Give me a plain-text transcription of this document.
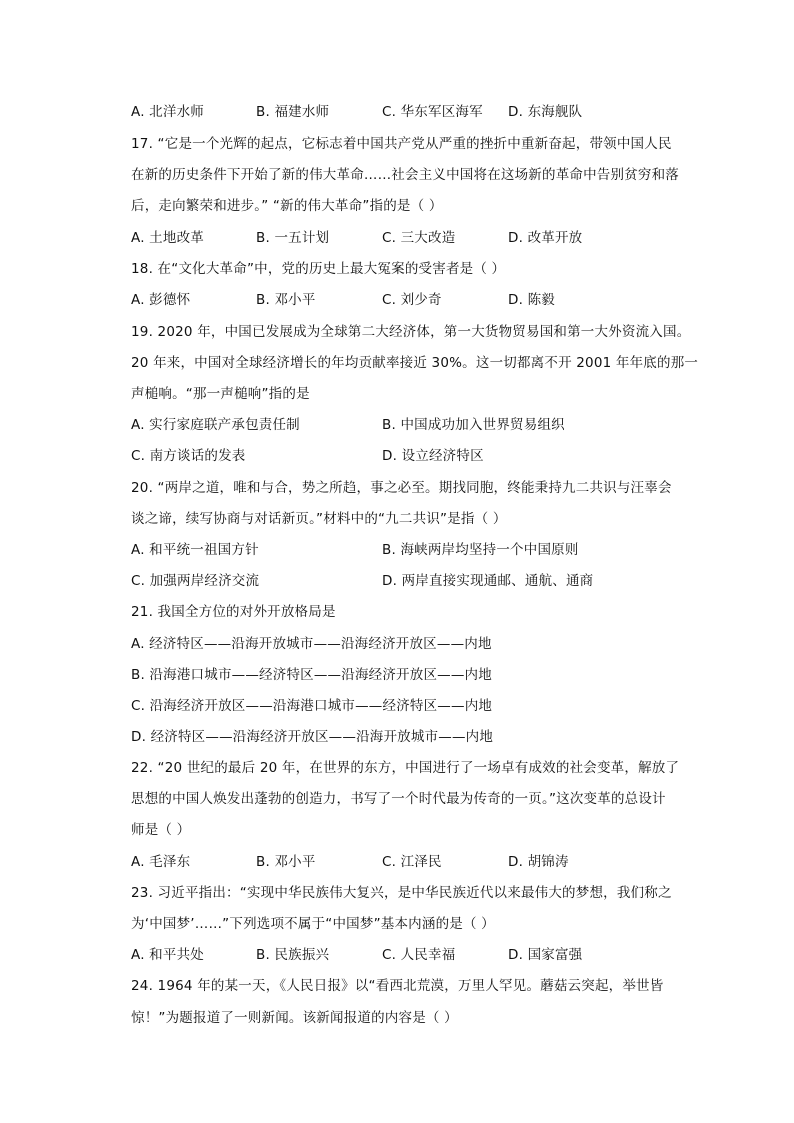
A. 北洋水师	B. 福建水师	C. 华东军区海军 D. 东海舰队
17. “它是一个光辉的起点，它标志着中国共产党从严重的挫折中重新奋起，带领中国人民
在新的历史条件下开始了新的伟大革命……社会主义中国将在这场新的革命中告别贫穷和落
后，走向繁荣和进步。” “新的伟大革命”指的是（ ）
A. 土地改革	B. 一五计划	C. 三大改造	D. 改革开放
18. 在“文化大革命”中，党的历史上最大冤案的受害者是（ ）
A. 彭德怀	B. 邓小平	C. 刘少奇	D. 陈毅
19. 2020 年，中国已发展成为全球第二大经济体，第一大货物贸易国和第一大外资流入国。
20 年来，中国对全球经济增长的年均贡献率接近 30%。这一切都离不开 2001 年年底的那一
声槌响。“那一声槌响”指的是
A. 实行家庭联产承包责任制	B. 中国成功加入世界贸易组织
C. 南方谈话的发表	D. 设立经济特区
20. “两岸之道，唯和与合，势之所趋，事之必至。期找同胞，终能秉持九二共识与汪辜会
谈之谛，续写协商与对话新页。”材料中的“九二共识”是指（ ）
A. 和平统一祖国方针	B. 海峡两岸均坚持一个中国原则
C. 加强两岸经济交流	D. 两岸直接实现通邮、通航、通商
21. 我国全方位的对外开放格局是
A. 经济特区——沿海开放城市——沿海经济开放区——内地
B. 沿海港口城市——经济特区——沿海经济开放区——内地
C. 沿海经济开放区——沿海港口城市——经济特区——内地
D. 经济特区——沿海经济开放区——沿海开放城市——内地
22. “20 世纪的最后 20 年，在世界的东方，中国进行了一场卓有成效的社会变革，解放了
思想的中国人焕发出蓬勃的创造力，书写了一个时代最为传奇的一页。”这次变革的总设计
师是（ ）
A. 毛泽东	B. 邓小平	C. 江泽民	D. 胡锦涛
23. 习近平指出：“实现中华民族伟大复兴，是中华民族近代以来最伟大的梦想，我们称之
为‘中国梦’……”下列选项不属于“中国梦”基本内涵的是（ ）
A. 和平共处	B. 民族振兴	C. 人民幸福	D. 国家富强
24. 1964 年的某一天，《人民日报》以“看西北荒漠，万里人罕见。蘑菇云突起，举世皆
惊！”为题报道了一则新闻。该新闻报道的内容是（ ）
